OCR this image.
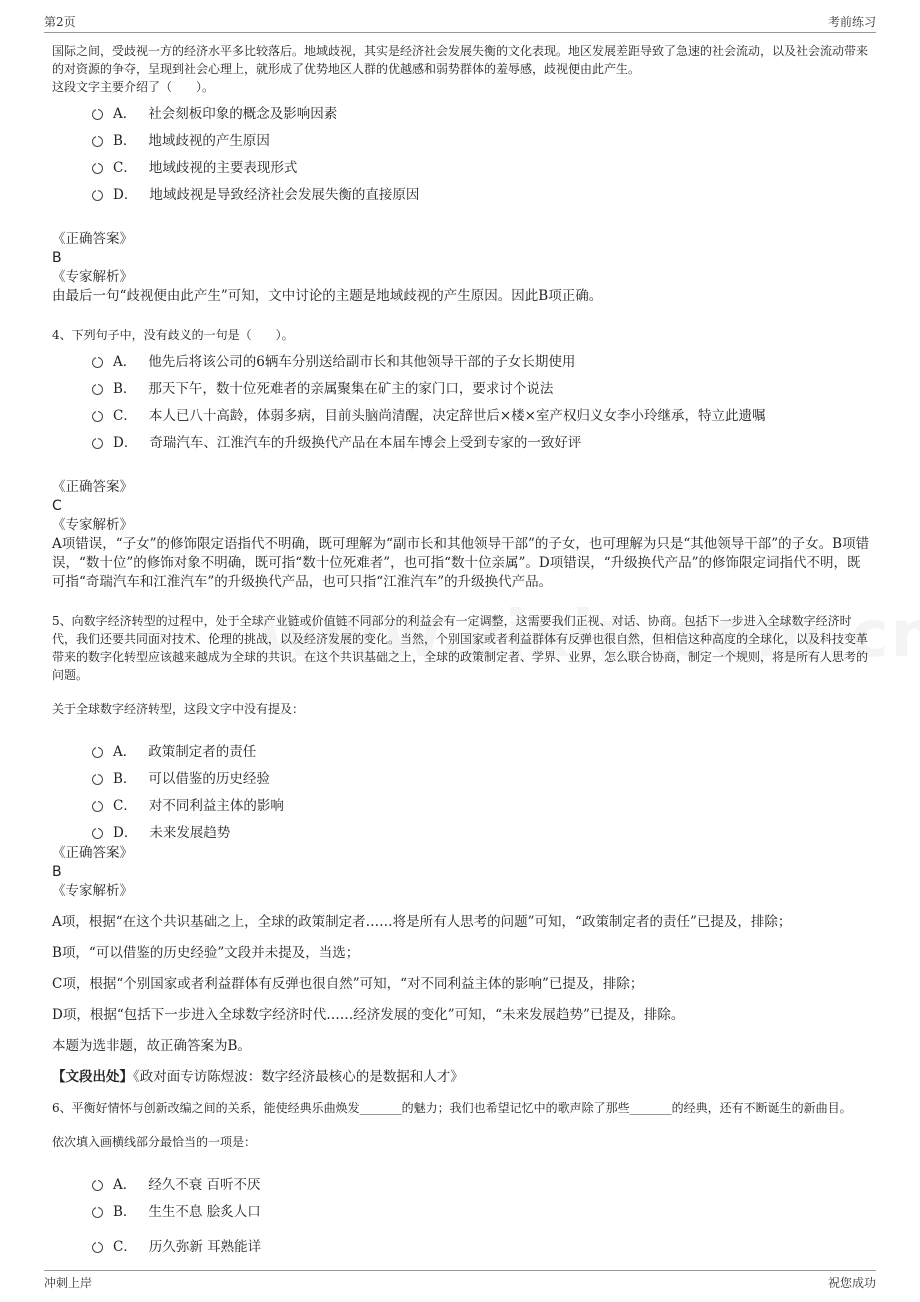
第2页	考前练习

国际之间，受歧视一方的经济水平多比较落后。地域歧视，其实是经济社会发展失衡的文化表现。地区发展差距导致了急速的社会流动，以及社会流动带来的对资源的争夺，呈现到社会心理上，就形成了优势地区人群的优越感和弱势群体的羞辱感，歧视便由此产生。

这段文字主要介绍了（　　）。

A． 社会刻板印象的概念及影响因素
B． 地域歧视的产生原因
C． 地域歧视的主要表现形式
D． 地域歧视是导致经济社会发展失衡的直接原因

《正确答案》

B

《专家解析》

由最后一句“歧视便由此产生”可知，文中讨论的主题是地域歧视的产生原因。因此B项正确。

4、下列句子中，没有歧义的一句是（　　）。

A． 他先后将该公司的6辆车分别送给副市长和其他领导干部的子女长期使用
B． 那天下午，数十位死难者的亲属聚集在矿主的家门口，要求讨个说法
C． 本人已八十高龄，体弱多病，目前头脑尚清醒，决定辞世后×楼×室产权归义女李小玲继承，特立此遗嘱
D． 奇瑞汽车、江淮汽车的升级换代产品在本届车博会上受到专家的一致好评

《正确答案》

C

《专家解析》

A项错误，“子女”的修饰限定语指代不明确，既可理解为“副市长和其他领导干部”的子女，也可理解为只是“其他领导干部”的子女。B项错误，“数十位”的修饰对象不明确，既可指“数十位死难者”，也可指“数十位亲属”。D项错误，“升级换代产品”的修饰限定词指代不明，既可指“奇瑞汽车和江淮汽车”的升级换代产品，也可只指“江淮汽车”的升级换代产品。

5、向数字经济转型的过程中，处于全球产业链或价值链不同部分的利益会有一定调整，这需要我们正视、对话、协商。包括下一步进入全球数字经济时代，我们还要共同面对技术、伦理的挑战，以及经济发展的变化。当然，个别国家或者利益群体有反弹也很自然，但相信这种高度的全球化，以及科技变革带来的数字化转型应该越来越成为全球的共识。在这个共识基础之上，全球的政策制定者、学界、业界，怎么联合协商，制定一个规则，将是所有人思考的问题。

关于全球数字经济转型，这段文字中没有提及：

A． 政策制定者的责任
B． 可以借鉴的历史经验
C． 对不同利益主体的影响
D． 未来发展趋势

《正确答案》

B

《专家解析》

A项，根据“在这个共识基础之上，全球的政策制定者……将是所有人思考的问题”可知，“政策制定者的责任”已提及，排除；

B项，“可以借鉴的历史经验”文段并未提及，当选；

C项，根据“个别国家或者利益群体有反弹也很自然”可知，“对不同利益主体的影响”已提及，排除；

D项，根据“包括下一步进入全球数字经济时代……经济发展的变化”可知，“未来发展趋势”已提及，排除。

本题为选非题，故正确答案为B。

【文段出处】《政对面专访陈煜波：数字经济最核心的是数据和人才》

6、平衡好情怀与创新改编之间的关系，能使经典乐曲焕发_______的魅力；我们也希望记忆中的歌声除了那些_______的经典，还有不断诞生的新曲目。

依次填入画横线部分最恰当的一项是：

A． 经久不衰 百听不厌
B． 生生不息 脍炙人口
C． 历久弥新 耳熟能详
冲刺上岸	祝您成功
